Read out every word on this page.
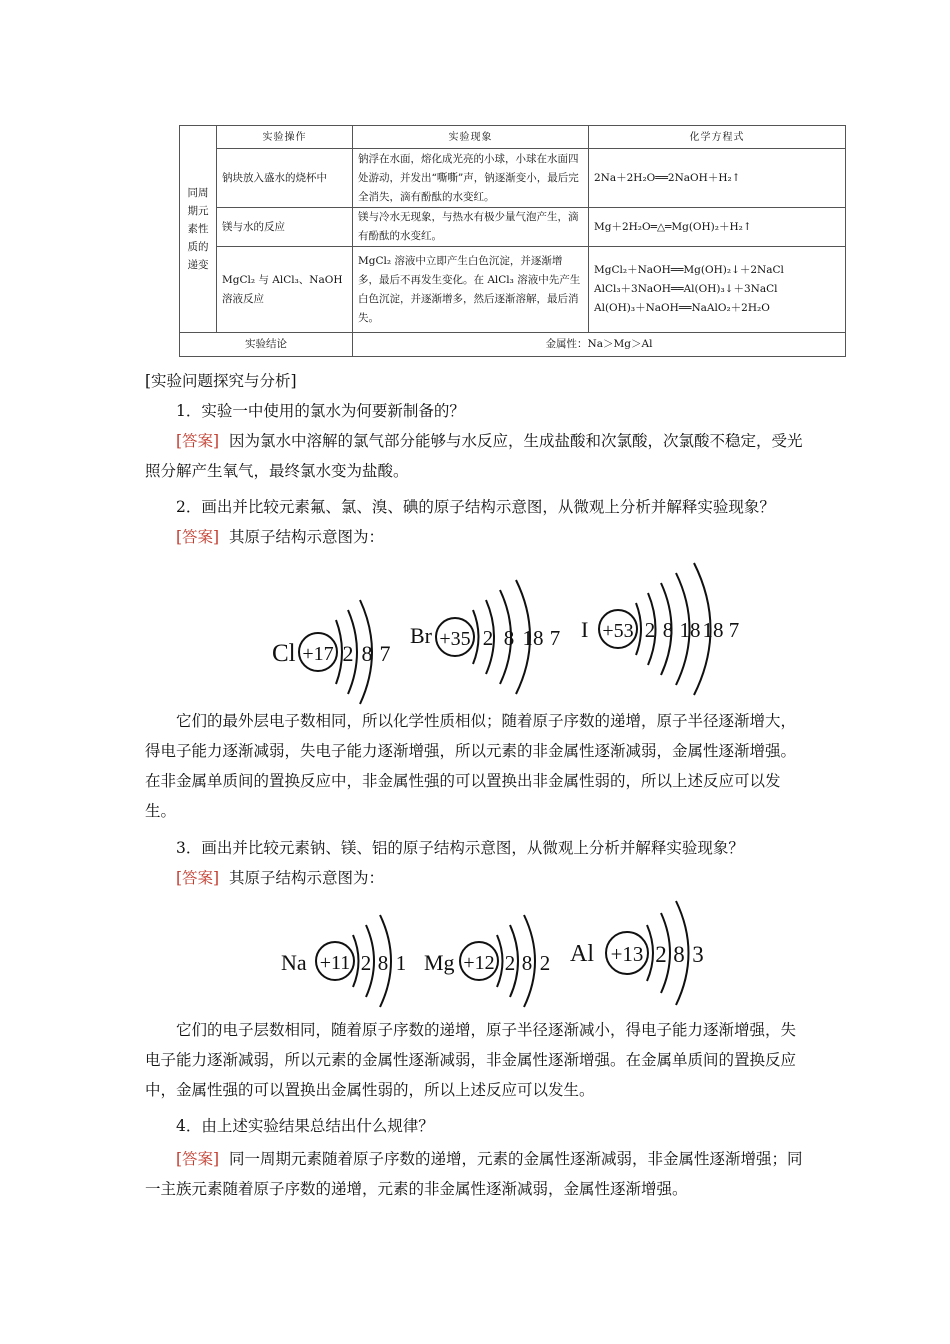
同周期元素性质的递变	实验操作	实验现象	化学方程式
	钠块放入盛水的烧杯中	钠浮在水面，熔化成光亮的小球，小球在水面四处游动，并发出“嘶嘶”声，钠逐渐变小，最后完全消失，滴有酚酞的水变红。	2Na＋2H₂O══2NaOH＋H₂↑
	镁与水的反应	镁与冷水无现象，与热水有极少量气泡产生，滴有酚酞的水变红。	Mg＋2H₂O═△═Mg(OH)₂＋H₂↑
	MgCl₂ 与 AlCl₃、NaOH 溶液反应	MgCl₂ 溶液中立即产生白色沉淀，并逐渐增多，最后不再发生变化。在 AlCl₃ 溶液中先产生白色沉淀，并逐渐增多，然后逐渐溶解，最后消失。	MgCl₂＋NaOH══Mg(OH)₂↓＋2NaCl
AlCl₃＋3NaOH══Al(OH)₃↓＋3NaCl
Al(OH)₃＋NaOH══NaAlO₂＋2H₂O

实验结论		金属性：Na＞Mg＞Al	
[实验问题探究与分析]
1．实验一中使用的氯水为何要新制备的？
[答案] 因为氯水中溶解的氯气部分能够与水反应，生成盐酸和次氯酸，次氯酸不稳定，受光照分解产生氧气，最终氯水变为盐酸。
2．画出并比较元素氟、氯、溴、碘的原子结构示意图，从微观上分析并解释实验现象？
[答案] 其原子结构示意图为：
Cl +17 2 8 7
Br +35 2 8 18 7 I +53 2 8 18 18 7
它们的最外层电子数相同，所以化学性质相似；随着原子序数的递增，原子半径逐渐增大，得电子能力逐渐减弱，失电子能力逐渐增强，所以元素的非金属性逐渐减弱，金属性逐渐增强。在非金属单质间的置换反应中，非金属性强的可以置换出非金属性弱的，所以上述反应可以发生。
3．画出并比较元素钠、镁、铝的原子结构示意图，从微观上分析并解释实验现象？
[答案] 其原子结构示意图为：
Na +11 2 8 1 Mg +12 2 8 2 Al +13 2 8 3
它们的电子层数相同，随着原子序数的递增，原子半径逐渐减小，得电子能力逐渐增强，失电子能力逐渐减弱，所以元素的金属性逐渐减弱，非金属性逐渐增强。在金属单质间的置换反应中，金属性强的可以置换出金属性弱的，所以上述反应可以发生。
4．由上述实验结果总结出什么规律？
[答案] 同一周期元素随着原子序数的递增，元素的金属性逐渐减弱，非金属性逐渐增强；同一主族元素随着原子序数的递增，元素的非金属性逐渐减弱，金属性逐渐增强。
